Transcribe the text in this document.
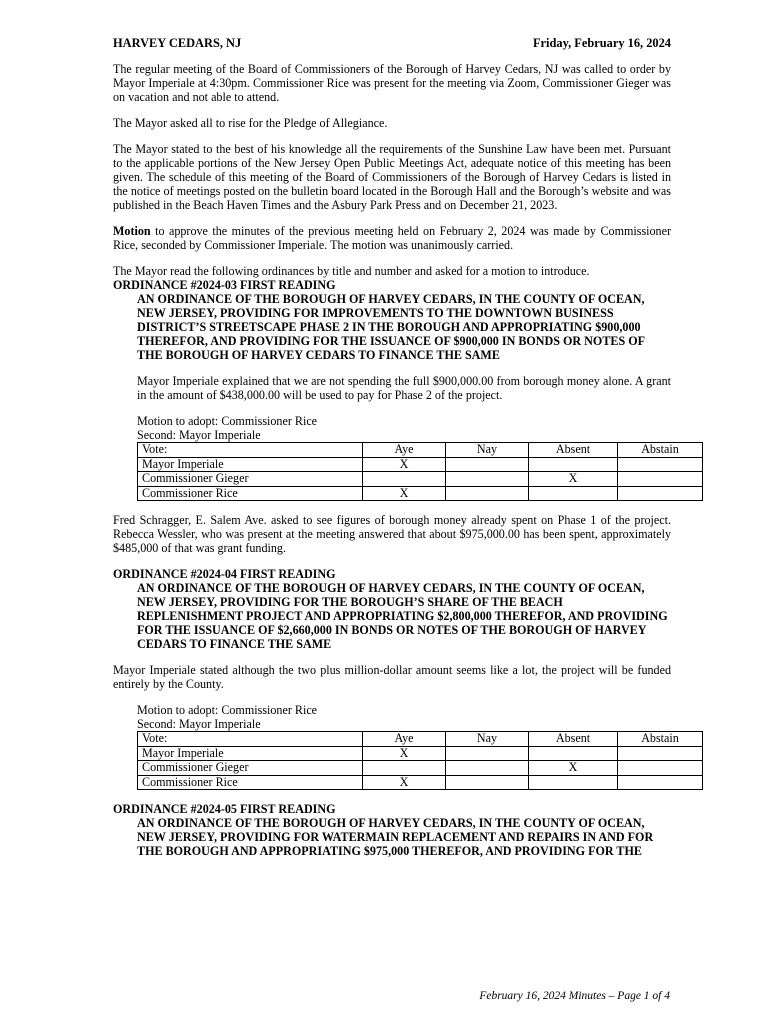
HARVEY CEDARS, NJ	Friday, February 16, 2024

The regular meeting of the Board of Commissioners of the Borough of Harvey Cedars, NJ was called to order by Mayor Imperiale at 4:30pm. Commissioner Rice was present for the meeting via Zoom, Commissioner Gieger was on vacation and not able to attend.

The Mayor asked all to rise for the Pledge of Allegiance.

The Mayor stated to the best of his knowledge all the requirements of the Sunshine Law have been met. Pursuant to the applicable portions of the New Jersey Open Public Meetings Act, adequate notice of this meeting has been given. The schedule of this meeting of the Board of Commissioners of the Borough of Harvey Cedars is listed in the notice of meetings posted on the bulletin board located in the Borough Hall and the Borough’s website and was published in the Beach Haven Times and the Asbury Park Press and on December 21, 2023.

Motion to approve the minutes of the previous meeting held on February 2, 2024 was made by Commissioner Rice, seconded by Commissioner Imperiale. The motion was unanimously carried.

The Mayor read the following ordinances by title and number and asked for a motion to introduce.

ORDINANCE #2024-03 FIRST READING
AN ORDINANCE OF THE BOROUGH OF HARVEY CEDARS, IN THE COUNTY OF OCEAN, NEW JERSEY, PROVIDING FOR IMPROVEMENTS TO THE DOWNTOWN BUSINESS DISTRICT’S STREETSCAPE PHASE 2 IN THE BOROUGH AND APPROPRIATING $900,000 THEREFOR, AND PROVIDING FOR THE ISSUANCE OF $900,000 IN BONDS OR NOTES OF THE BOROUGH OF HARVEY CEDARS TO FINANCE THE SAME

Mayor Imperiale explained that we are not spending the full $900,000.00 from borough money alone. A grant in the amount of $438,000.00 will be used to pay for Phase 2 of the project.

Motion to adopt: Commissioner Rice
Second: Mayor Imperiale
Vote:	Aye	Nay	Absent	Abstain
Mayor Imperiale	X			
Commissioner Gieger			X	
Commissioner Rice	X			

Fred Schragger, E. Salem Ave. asked to see figures of borough money already spent on Phase 1 of the project. Rebecca Wessler, who was present at the meeting answered that about $975,000.00 has been spent, approximately $485,000 of that was grant funding.

ORDINANCE #2024-04 FIRST READING
AN ORDINANCE OF THE BOROUGH OF HARVEY CEDARS, IN THE COUNTY OF OCEAN, NEW JERSEY, PROVIDING FOR THE BOROUGH’S SHARE OF THE BEACH REPLENISHMENT PROJECT AND APPROPRIATING $2,800,000 THEREFOR, AND PROVIDING FOR THE ISSUANCE OF $2,660,000 IN BONDS OR NOTES OF THE BOROUGH OF HARVEY CEDARS TO FINANCE THE SAME

Mayor Imperiale stated although the two plus million-dollar amount seems like a lot, the project will be funded entirely by the County.

Motion to adopt: Commissioner Rice
Second: Mayor Imperiale
Vote:	Aye	Nay	Absent	Abstain
Mayor Imperiale	X			
Commissioner Gieger			X	
Commissioner Rice	X			
ORDINANCE #2024-05 FIRST READING
AN ORDINANCE OF THE BOROUGH OF HARVEY CEDARS, IN THE COUNTY OF OCEAN, NEW JERSEY, PROVIDING FOR WATERMAIN REPLACEMENT AND REPAIRS IN AND FOR THE BOROUGH AND APPROPRIATING $975,000 THEREFOR, AND PROVIDING FOR THE
February 16, 2024 Minutes – Page 1 of 4
